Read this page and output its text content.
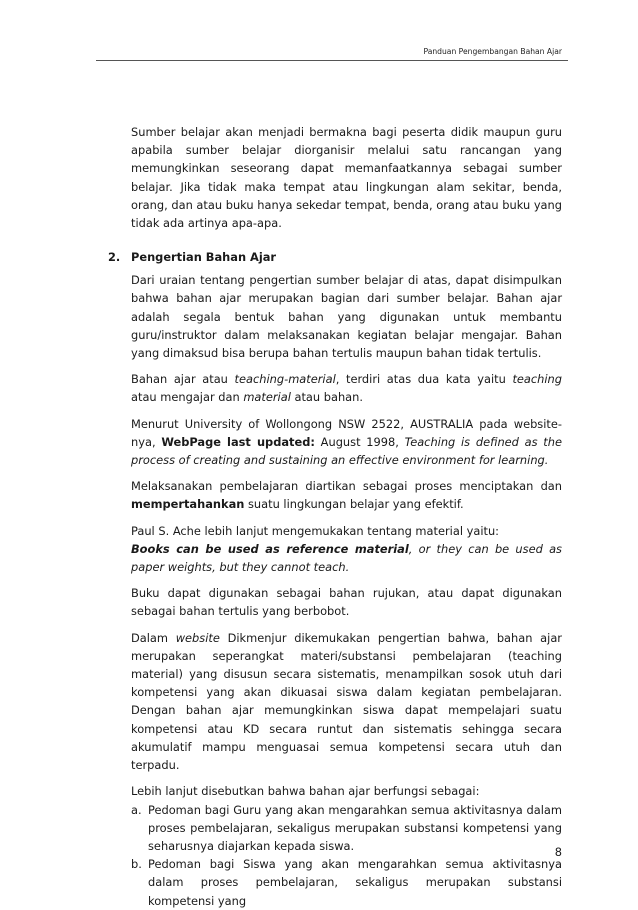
Panduan Pengembangan Bahan Ajar

Sumber belajar akan menjadi bermakna bagi peserta didik maupun guru apabila sumber belajar diorganisir melalui satu rancangan yang memungkinkan seseorang dapat memanfaatkannya sebagai sumber belajar. Jika tidak maka tempat atau lingkungan alam sekitar, benda, orang, dan atau buku hanya sekedar tempat, benda, orang atau buku yang tidak ada artinya apa-apa.

2. Pengertian Bahan Ajar

Dari uraian tentang pengertian sumber belajar di atas, dapat disimpulkan bahwa bahan ajar merupakan bagian dari sumber belajar. Bahan ajar adalah segala bentuk bahan yang digunakan untuk membantu guru/instruktor dalam melaksanakan kegiatan belajar mengajar. Bahan yang dimaksud bisa berupa bahan tertulis maupun bahan tidak tertulis.

Bahan ajar atau teaching-material, terdiri atas dua kata yaitu teaching atau mengajar dan material atau bahan.

Menurut University of Wollongong NSW 2522, AUSTRALIA pada website-nya, WebPage last updated: August 1998, Teaching is defined as the process of creating and sustaining an effective environment for learning.

Melaksanakan pembelajaran diartikan sebagai proses menciptakan dan mempertahankan suatu lingkungan belajar yang efektif.

Paul S. Ache lebih lanjut mengemukakan tentang material yaitu:
Books can be used as reference material, or they can be used as paper weights, but they cannot teach.

Buku dapat digunakan sebagai bahan rujukan, atau dapat digunakan sebagai bahan tertulis yang berbobot.

Dalam website Dikmenjur dikemukakan pengertian bahwa, bahan ajar merupakan seperangkat materi/substansi pembelajaran (teaching material) yang disusun secara sistematis, menampilkan sosok utuh dari kompetensi yang akan dikuasai siswa dalam kegiatan pembelajaran. Dengan bahan ajar memungkinkan siswa dapat mempelajari suatu kompetensi atau KD secara runtut dan sistematis sehingga secara akumulatif mampu menguasai semua kompetensi secara utuh dan terpadu.

Lebih lanjut disebutkan bahwa bahan ajar berfungsi sebagai:
a. Pedoman bagi Guru yang akan mengarahkan semua aktivitasnya dalam proses pembelajaran, sekaligus merupakan substansi kompetensi yang seharusnya diajarkan kepada siswa.
b. Pedoman bagi Siswa yang akan mengarahkan semua aktivitasnya dalam proses pembelajaran, sekaligus merupakan substansi kompetensi yang
8
